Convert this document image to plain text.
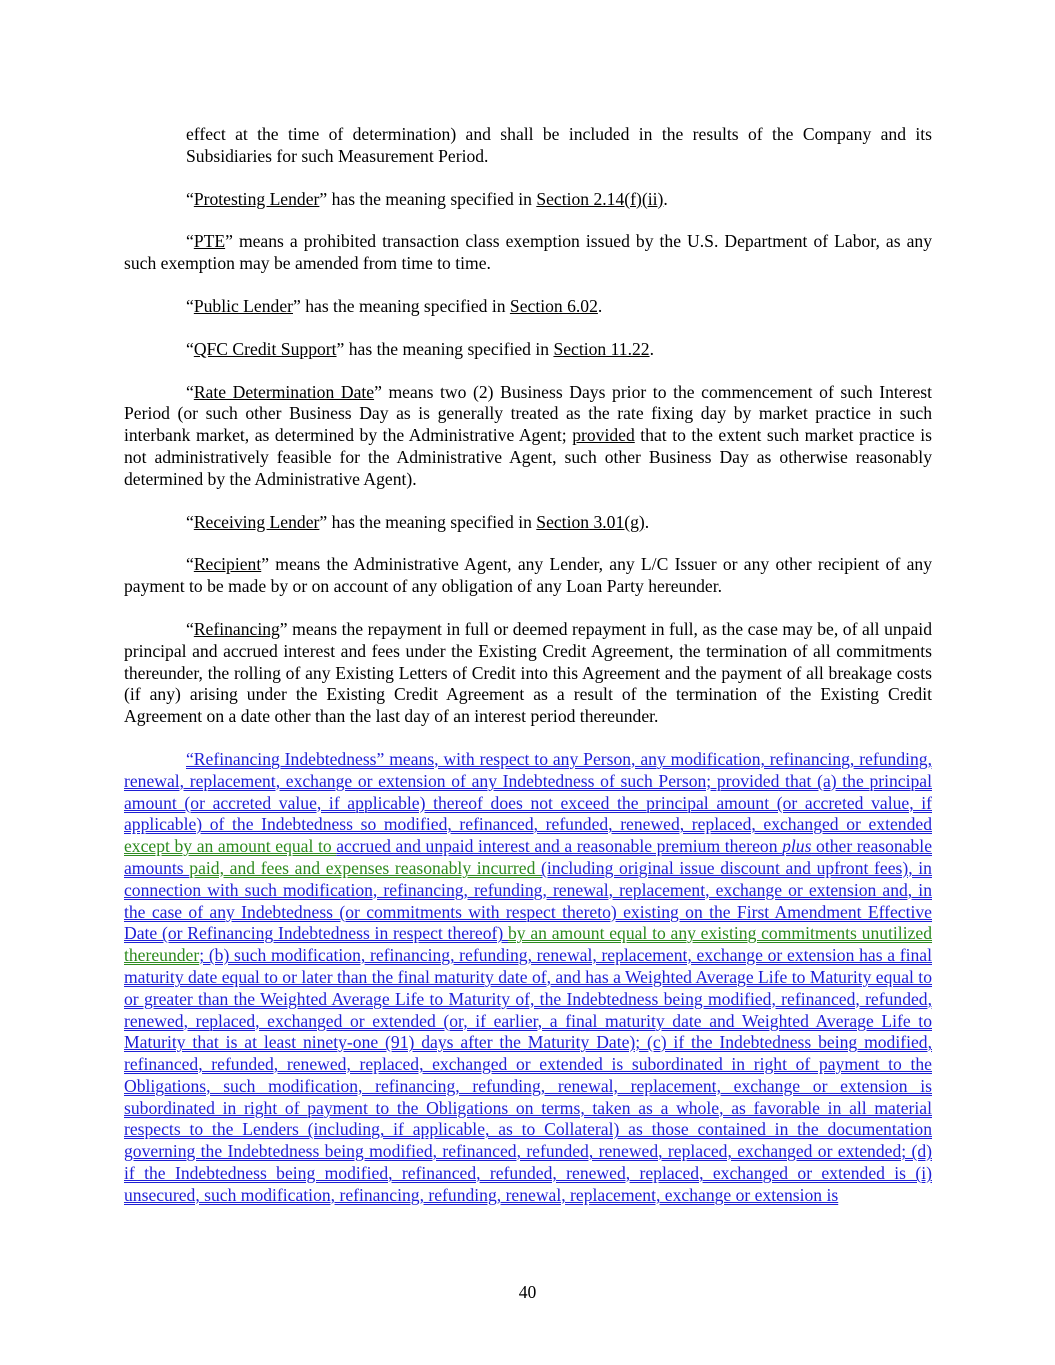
effect at the time of determination) and shall be included in the results of the Company and its Subsidiaries for such Measurement Period.

“Protesting Lender” has the meaning specified in Section 2.14(f)(ii).

“PTE” means a prohibited transaction class exemption issued by the U.S. Department of Labor, as any such exemption may be amended from time to time.

“Public Lender” has the meaning specified in Section 6.02.

“QFC Credit Support” has the meaning specified in Section 11.22.

“Rate Determination Date” means two (2) Business Days prior to the commencement of such Interest Period (or such other Business Day as is generally treated as the rate fixing day by market practice in such interbank market, as determined by the Administrative Agent; provided that to the extent such market practice is not administratively feasible for the Administrative Agent, such other Business Day as otherwise reasonably determined by the Administrative Agent).

“Receiving Lender” has the meaning specified in Section 3.01(g).

“Recipient” means the Administrative Agent, any Lender, any L/C Issuer or any other recipient of any payment to be made by or on account of any obligation of any Loan Party hereunder.

“Refinancing” means the repayment in full or deemed repayment in full, as the case may be, of all unpaid principal and accrued interest and fees under the Existing Credit Agreement, the termination of all commitments thereunder, the rolling of any Existing Letters of Credit into this Agreement and the payment of all breakage costs (if any) arising under the Existing Credit Agreement as a result of the termination of the Existing Credit Agreement on a date other than the last day of an interest period thereunder.

“Refinancing Indebtedness” means, with respect to any Person, any modification, refinancing, refunding, renewal, replacement, exchange or extension of any Indebtedness of such Person; provided that (a) the principal amount (or accreted value, if applicable) thereof does not exceed the principal amount (or accreted value, if applicable) of the Indebtedness so modified, refinanced, refunded, renewed, replaced, exchanged or extended except by an amount equal to accrued and unpaid interest and a reasonable premium thereon plus other reasonable amounts paid, and fees and expenses reasonably incurred (including original issue discount and upfront fees), in connection with such modification, refinancing, refunding, renewal, replacement, exchange or extension and, in the case of any Indebtedness (or commitments with respect thereto) existing on the First Amendment Effective Date (or Refinancing Indebtedness in respect thereof) by an amount equal to any existing commitments unutilized thereunder; (b) such modification, refinancing, refunding, renewal, replacement, exchange or extension has a final maturity date equal to or later than the final maturity date of, and has a Weighted Average Life to Maturity equal to or greater than the Weighted Average Life to Maturity of, the Indebtedness being modified, refinanced, refunded, renewed, replaced, exchanged or extended (or, if earlier, a final maturity date and Weighted Average Life to Maturity that is at least ninety-one (91) days after the Maturity Date); (c) if the Indebtedness being modified, refinanced, refunded, renewed, replaced, exchanged or extended is subordinated in right of payment to the Obligations, such modification, refinancing, refunding, renewal, replacement, exchange or extension is subordinated in right of payment to the Obligations on terms, taken as a whole, as favorable in all material respects to the Lenders (including, if applicable, as to Collateral) as those contained in the documentation governing the Indebtedness being modified, refinanced, refunded, renewed, replaced, exchanged or extended; (d) if the Indebtedness being modified, refinanced, refunded, renewed, replaced, exchanged or extended is (i) unsecured, such modification, refinancing, refunding, renewal, replacement, exchange or extension is

40
